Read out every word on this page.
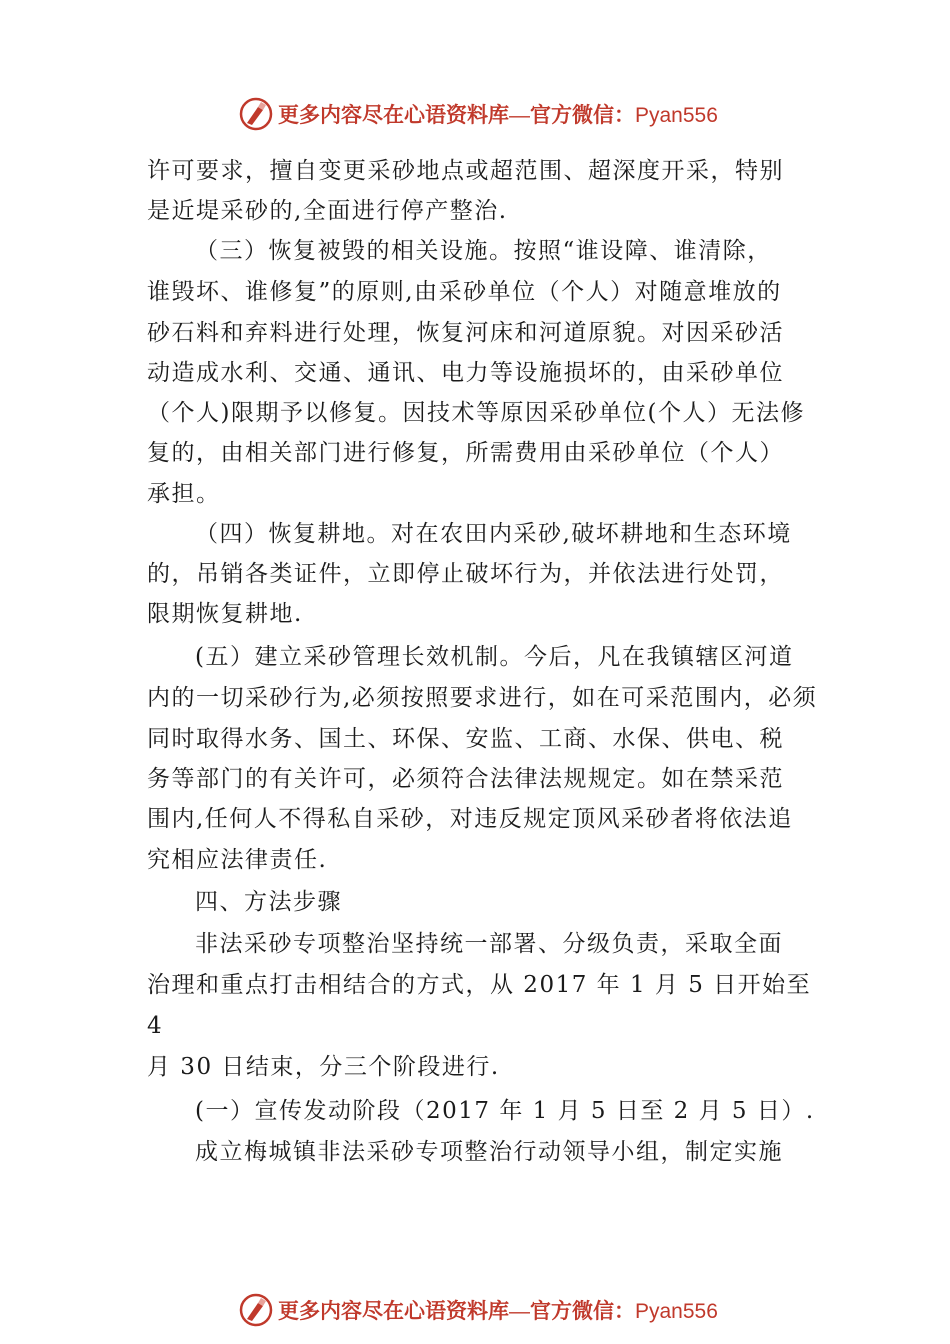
更多内容尽在心语资料库—官方微信：Pyan556
许可要求，擅自变更采砂地点或超范围、超深度开采，特别
是近堤采砂的,全面进行停产整治.
（三）恢复被毁的相关设施。按照“谁设障、谁清除，
谁毁坏、谁修复”的原则,由采砂单位（个人）对随意堆放的
砂石料和弃料进行处理，恢复河床和河道原貌。对因采砂活
动造成水利、交通、通讯、电力等设施损坏的，由采砂单位
（个人)限期予以修复。因技术等原因采砂单位(个人）无法修
复的，由相关部门进行修复，所需费用由采砂单位（个人）
承担。
（四）恢复耕地。对在农田内采砂,破坏耕地和生态环境
的，吊销各类证件，立即停止破坏行为，并依法进行处罚，
限期恢复耕地.
(五）建立采砂管理长效机制。今后，凡在我镇辖区河道
内的一切采砂行为,必须按照要求进行，如在可采范围内，必须
同时取得水务、国土、环保、安监、工商、水保、供电、税
务等部门的有关许可，必须符合法律法规规定。如在禁采范
围内,任何人不得私自采砂，对违反规定顶风采砂者将依法追
究相应法律责任.
四、方法步骤
非法采砂专项整治坚持统一部署、分级负责，采取全面
治理和重点打击相结合的方式，从 2017 年 1 月 5 日开始至
4
月 30 日结束，分三个阶段进行.
(一）宣传发动阶段（2017 年 1 月 5 日至 2 月 5 日）.
成立梅城镇非法采砂专项整治行动领导小组，制定实施
更多内容尽在心语资料库—官方微信：Pyan556
